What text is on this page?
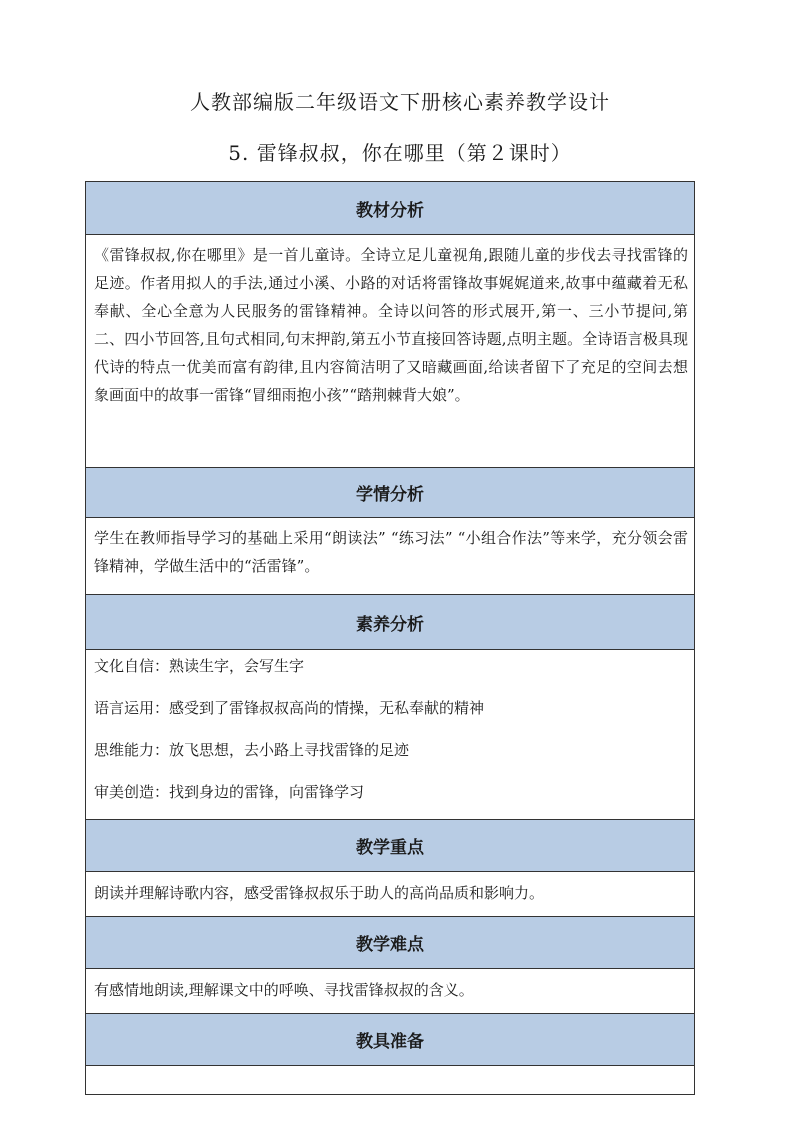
人教部编版二年级语文下册核心素养教学设计
5. 雷锋叔叔，你在哪里（第２课时）
教材分析

《雷锋叔叔,你在哪里》是一首儿童诗。全诗立足儿童视角,跟随儿童的步伐去寻找雷锋的足迹。作者用拟人的手法,通过小溪、小路的对话将雷锋故事娓娓道来,故事中蕴藏着无私奉献、全心全意为人民服务的雷锋精神。全诗以问答的形式展开,第一、三小节提问,第二、四小节回答,且句式相同,句末押韵,第五小节直接回答诗题,点明主题。全诗语言极具现代诗的特点一优美而富有韵律,且内容简洁明了又暗藏画面,给读者留下了充足的空间去想象画面中的故事一雷锋“冒细雨抱小孩”“踏荆棘背大娘”。

学情分析

学生在教师指导学习的基础上采用“朗读法” “练习法” “小组合作法”等来学，充分领会雷锋精神，学做生活中的“活雷锋”。

素养分析

文化自信：熟读生字，会写生字
语言运用：感受到了雷锋叔叔高尚的情操，无私奉献的精神
思维能力：放飞思想，去小路上寻找雷锋的足迹
审美创造：找到身边的雷锋，向雷锋学习

教学重点

朗读并理解诗歌内容，感受雷锋叔叔乐于助人的高尚品质和影响力。

教学难点

有感情地朗读,理解课文中的呼唤、寻找雷锋叔叔的含义。

教具准备
